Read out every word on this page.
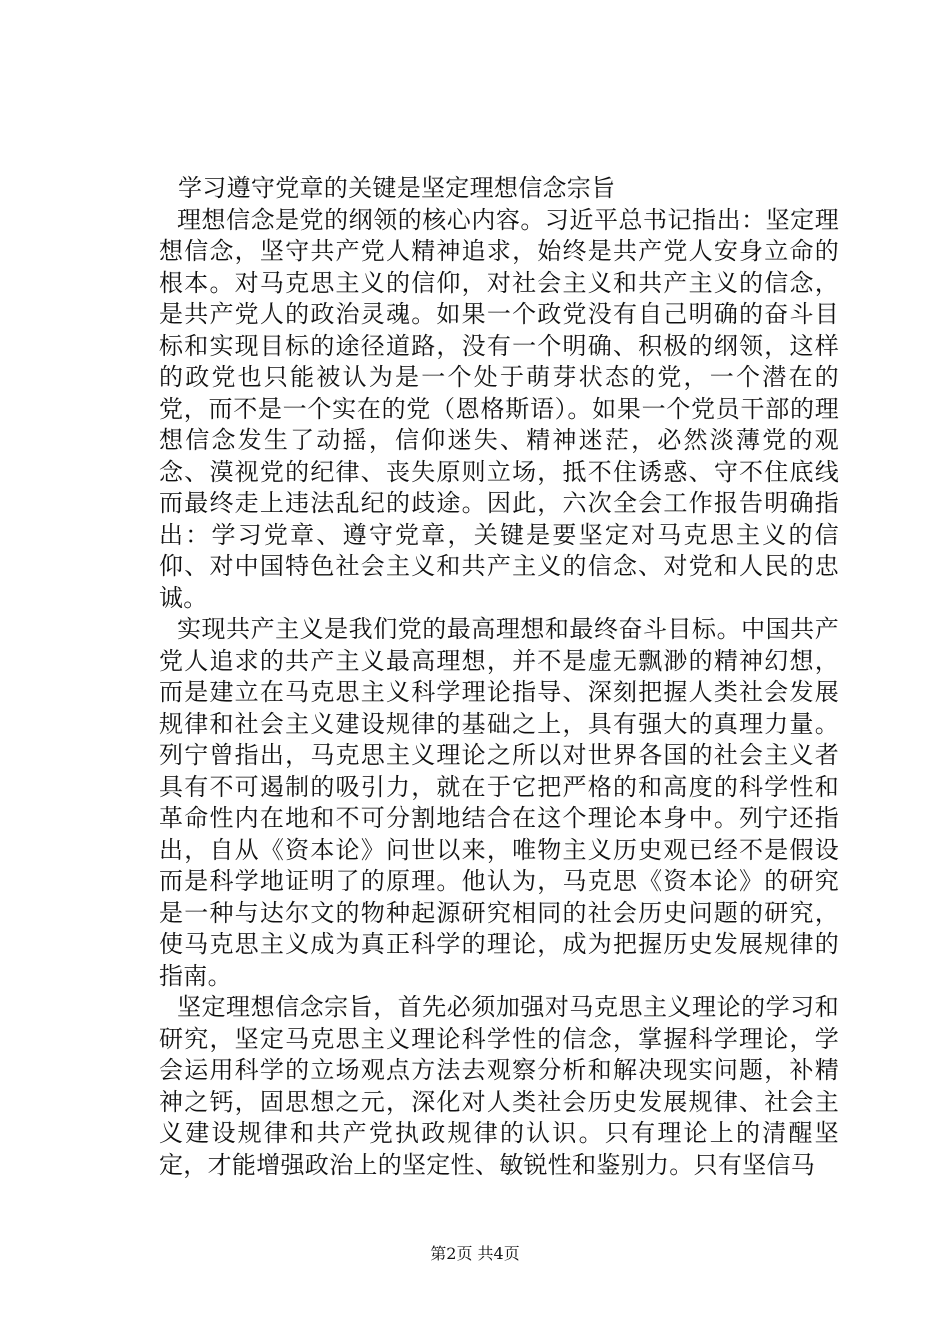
学习遵守党章的关键是坚定理想信念宗旨

理想信念是党的纲领的核心内容。习近平总书记指出：坚定理想信念，坚守共产党人精神追求，始终是共产党人安身立命的根本。对马克思主义的信仰，对社会主义和共产主义的信念，是共产党人的政治灵魂。如果一个政党没有自己明确的奋斗目标和实现目标的途径道路，没有一个明确、积极的纲领，这样的政党也只能被认为是一个处于萌芽状态的党，一个潜在的党，而不是一个实在的党（恩格斯语）。如果一个党员干部的理想信念发生了动摇，信仰迷失、精神迷茫，必然淡薄党的观念、漠视党的纪律、丧失原则立场，抵不住诱惑、守不住底线而最终走上违法乱纪的歧途。因此，六次全会工作报告明确指出：学习党章、遵守党章，关键是要坚定对马克思主义的信仰、对中国特色社会主义和共产主义的信念、对党和人民的忠诚。

实现共产主义是我们党的最高理想和最终奋斗目标。中国共产党人追求的共产主义最高理想，并不是虚无飘渺的精神幻想，而是建立在马克思主义科学理论指导、深刻把握人类社会发展规律和社会主义建设规律的基础之上，具有强大的真理力量。列宁曾指出，马克思主义理论之所以对世界各国的社会主义者具有不可遏制的吸引力，就在于它把严格的和高度的科学性和革命性内在地和不可分割地结合在这个理论本身中。列宁还指出，自从《资本论》问世以来，唯物主义历史观已经不是假设而是科学地证明了的原理。他认为，马克思《资本论》的研究是一种与达尔文的物种起源研究相同的社会历史问题的研究，使马克思主义成为真正科学的理论，成为把握历史发展规律的指南。

坚定理想信念宗旨，首先必须加强对马克思主义理论的学习和研究，坚定马克思主义理论科学性的信念，掌握科学理论，学会运用科学的立场观点方法去观察分析和解决现实问题，补精神之钙，固思想之元，深化对人类社会历史发展规律、社会主义建设规律和共产党执政规律的认识。只有理论上的清醒坚定，才能增强政治上的坚定性、敏锐性和鉴别力。只有坚信马

第2页 共4页
